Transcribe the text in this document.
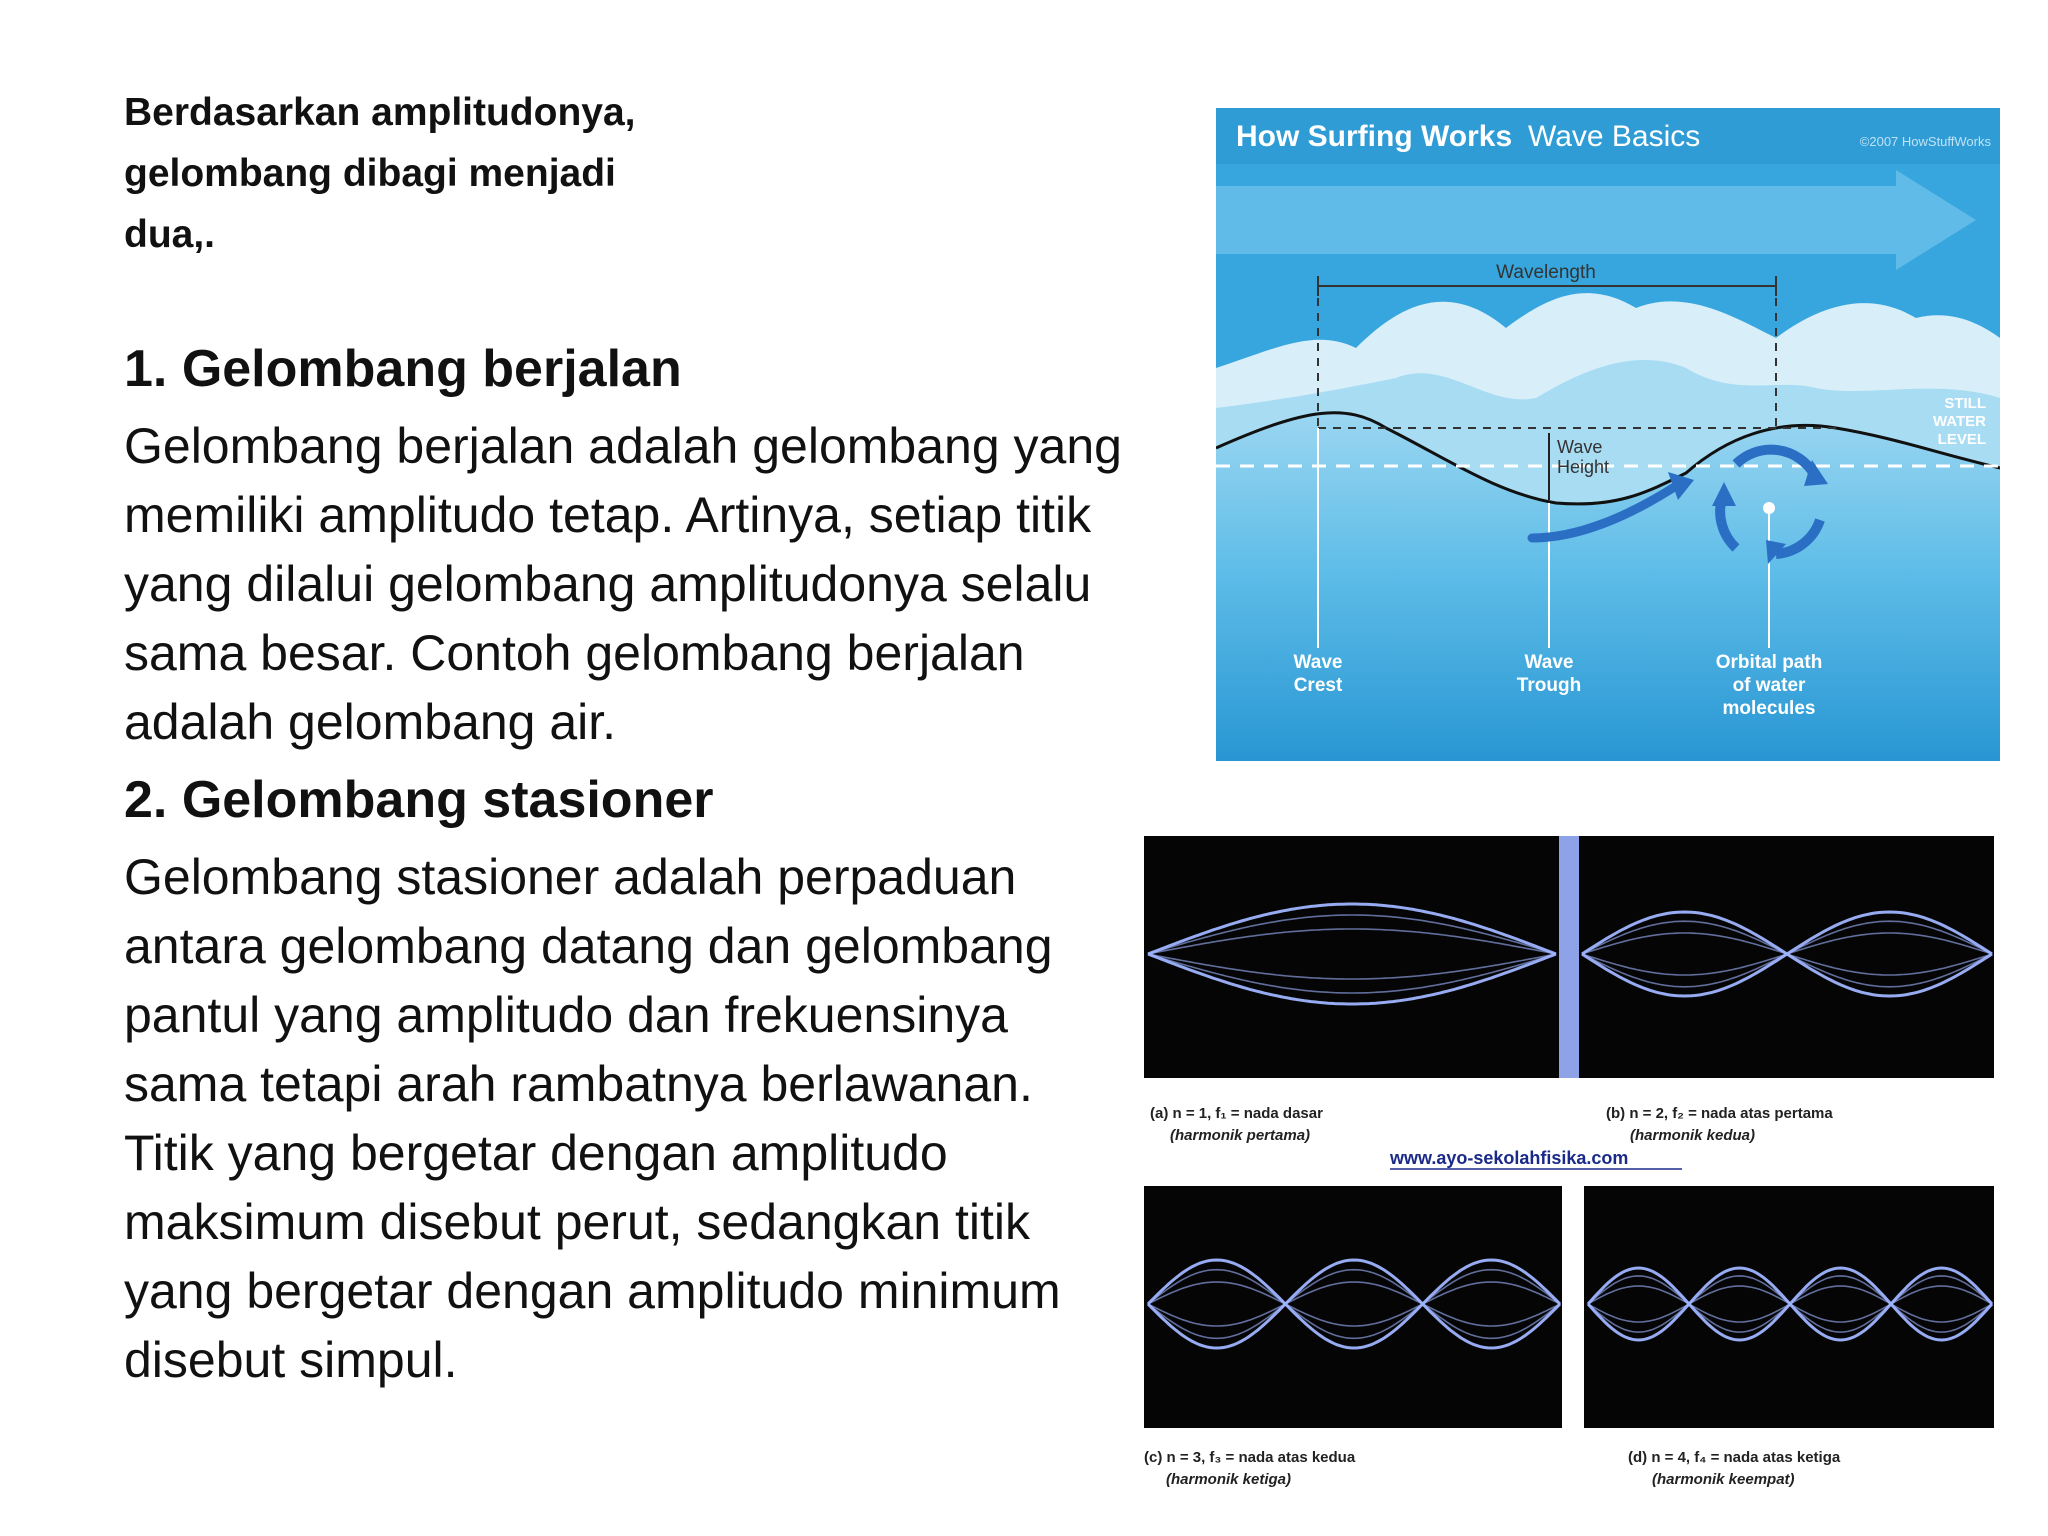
Berdasarkan amplitudonya,
gelombang dibagi menjadi
dua,.
1. Gelombang berjalan
Gelombang berjalan adalah gelombang yang memiliki amplitudo tetap. Artinya, setiap titik yang dilalui gelombang amplitudonya selalu sama besar. Contoh gelombang berjalan adalah gelombang air.
2. Gelombang stasioner
Gelombang stasioner adalah perpaduan antara gelombang datang dan gelombang pantul yang amplitudo dan frekuensinya sama tetapi arah rambatnya berlawanan. Titik yang bergetar dengan amplitudo maksimum disebut perut, sedangkan titik yang bergetar dengan amplitudo minimum disebut simpul.
How Surfing Works Wave Basics	©2007 HowStuffWorks
STILL
WATER
LEVEL
Wavelength
Wave
Height
Wave
Crest
Wave
Trough
Orbital path
of water
molecules
(a) n = 1, f₁ = nada dasar
(harmonik pertama)
(b) n = 2, f₂ = nada atas pertama
(harmonik kedua)
www.ayo-sekolahfisika.com
(c) n = 3, f₃ = nada atas kedua
(harmonik ketiga)
(d) n = 4, f₄ = nada atas ketiga
(harmonik keempat)
